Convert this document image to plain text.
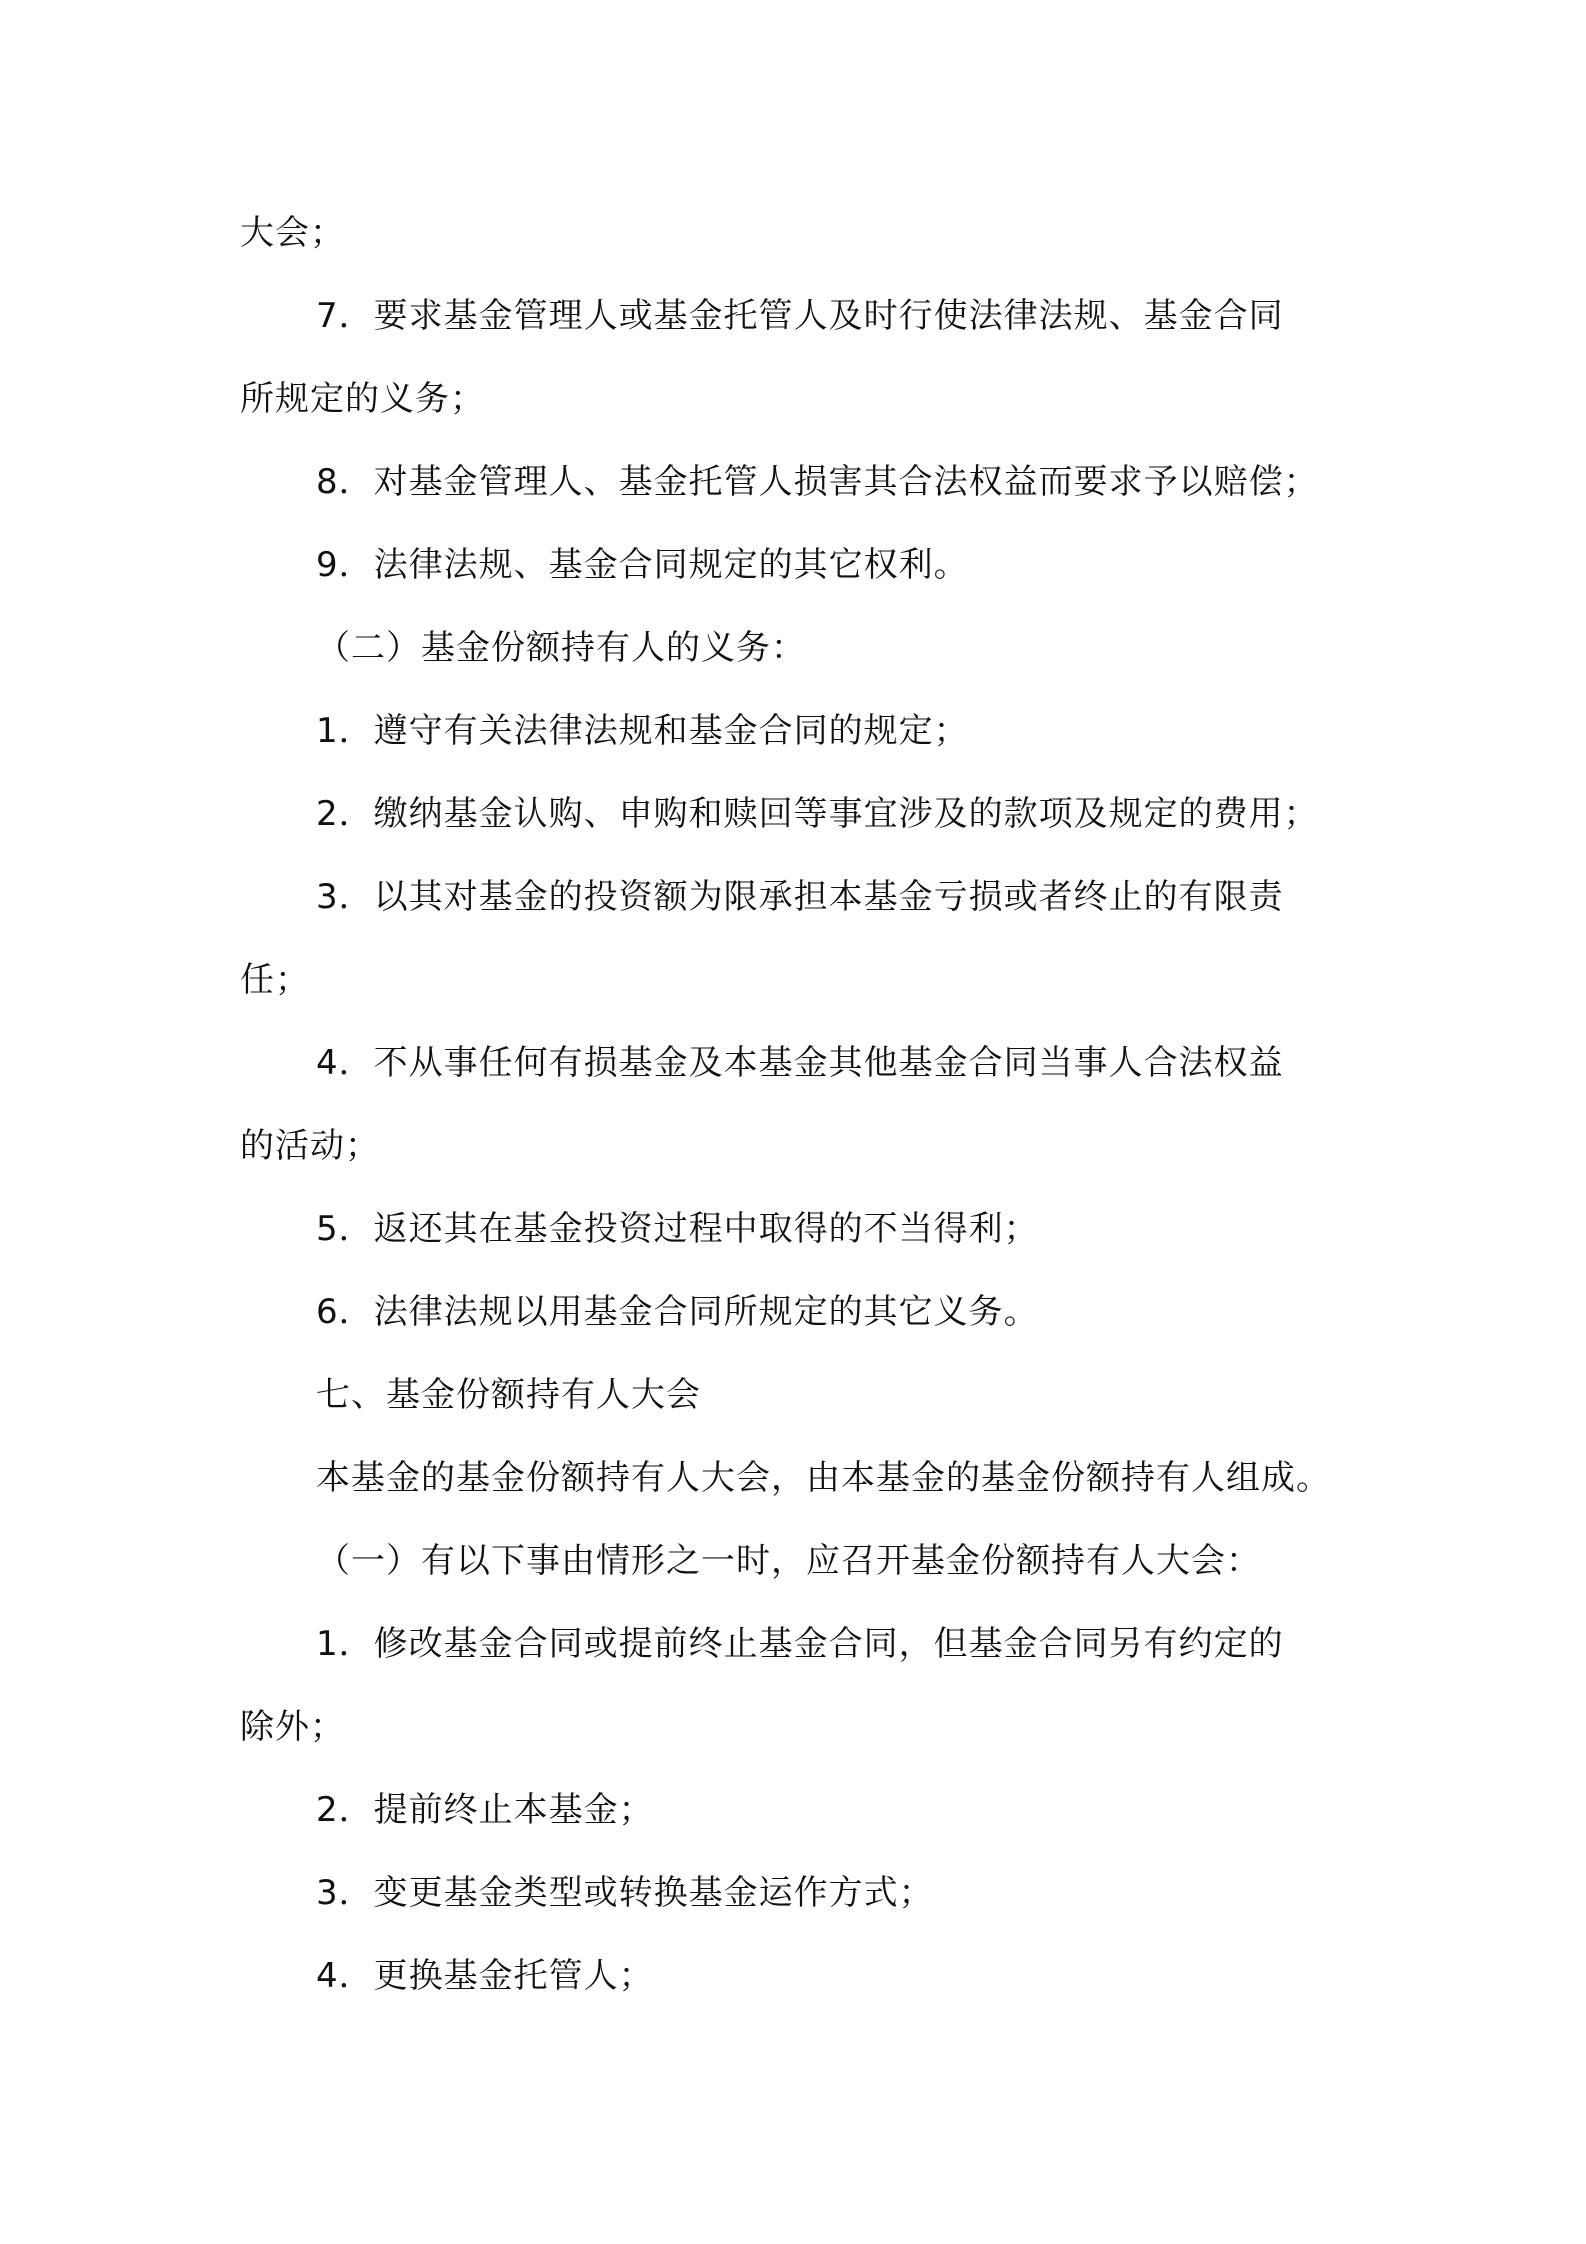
大会；
7．要求基金管理人或基金托管人及时行使法律法规、基金合同
所规定的义务；
8．对基金管理人、基金托管人损害其合法权益而要求予以赔偿；
9．法律法规、基金合同规定的其它权利。
（二）基金份额持有人的义务：
1．遵守有关法律法规和基金合同的规定；
2．缴纳基金认购、申购和赎回等事宜涉及的款项及规定的费用；
3．以其对基金的投资额为限承担本基金亏损或者终止的有限责
任；
4．不从事任何有损基金及本基金其他基金合同当事人合法权益
的活动；
5．返还其在基金投资过程中取得的不当得利；
6．法律法规以用基金合同所规定的其它义务。
七、基金份额持有人大会
本基金的基金份额持有人大会，由本基金的基金份额持有人组成。
（一）有以下事由情形之一时，应召开基金份额持有人大会：
1．修改基金合同或提前终止基金合同，但基金合同另有约定的
除外；
2．提前终止本基金；
3．变更基金类型或转换基金运作方式；
4．更换基金托管人；
